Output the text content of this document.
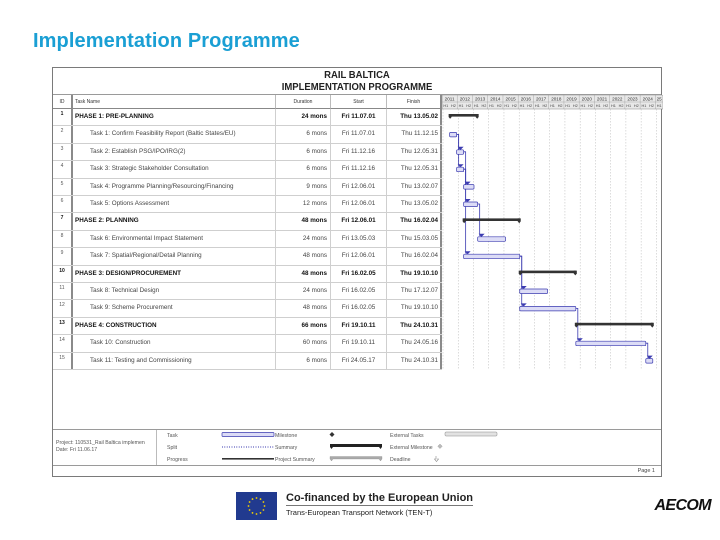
Implementation Programme
RAIL BALTICA
IMPLEMENTATION PROGRAMME
ID	Task Name	Duration	Start	Finish
1	PHASE 1: PRE-PLANNING	24 mons	Fri 11.07.01	Thu 13.05.02
2	Task 1: Confirm Feasibility Report (Baltic States/EU)	6 mons	Fri 11.07.01	Thu 11.12.15
3	Task 2: Establish PSG/IPO/IRG(2)	6 mons	Fri 11.12.16	Thu 12.05.31
4	Task 3: Strategic Stakeholder Consultation	6 mons	Fri 11.12.16	Thu 12.05.31
5	Task 4: Programme Planning/Resourcing/Financing	9 mons	Fri 12.06.01	Thu 13.02.07
6	Task 5: Options Assessment	12 mons	Fri 12.06.01	Thu 13.05.02
7	PHASE 2: PLANNING	48 mons	Fri 12.06.01	Thu 16.02.04
8	Task 6: Environmental Impact Statement	24 mons	Fri 13.05.03	Thu 15.03.05
9	Task 7: Spatial/Regional/Detail Planning	48 mons	Fri 12.06.01	Thu 16.02.04
10	PHASE 3: DESIGN/PROCUREMENT	48 mons	Fri 16.02.05	Thu 19.10.10
11	Task 8: Technical Design	24 mons	Fri 16.02.05	Thu 17.12.07
12	Task 9: Scheme Procurement	48 mons	Fri 16.02.05	Thu 19.10.10
13	PHASE 4: CONSTRUCTION	66 mons	Fri 19.10.11	Thu 24.10.31
14	Task 10: Construction	60 mons	Fri 19.10.11	Thu 24.05.16
15	Task 11: Testing and Commissioning	6 mons	Fri 24.05.17	Thu 24.10.31
2011
H1 H2
2012
H1 H2
2013
H1 H2
2014
H1 H2
2015
H1 H2
2016
H1 H2
2017
H1 H2
2018
H1 H2
2019
H1 H2
2020
H1 H2
2021
H1 H2
2022
H1 H2
2023
H1 H2
2024
H1 H2
25
H1
Project: 110531_Rail Baltica implemen
Date: Fri 11.06.17
Task
Split
Progress
Milestone
Summary
Project Summary
External Tasks
External Milestone
Deadline
Page 1
Co-financed by the European Union
Trans-European Transport Network (TEN-T)	AECOM
